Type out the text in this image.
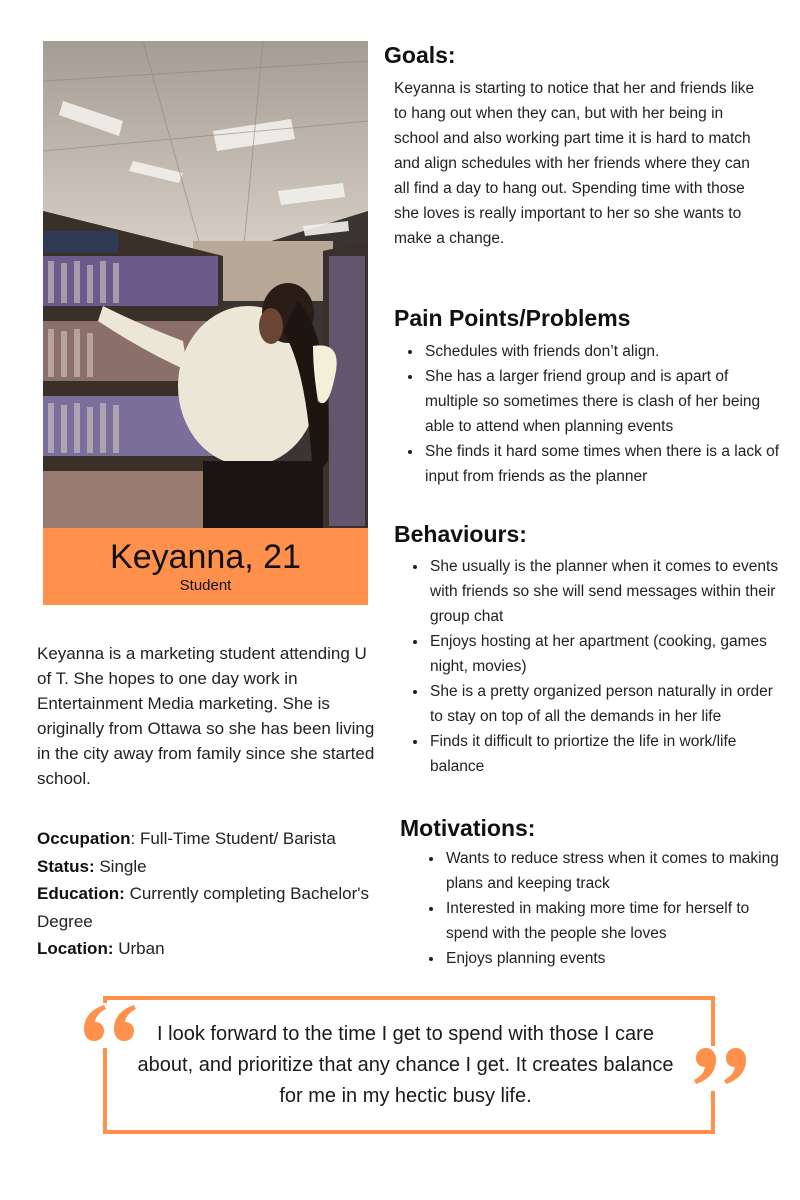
Keyanna, 21
Student
Keyanna is a marketing student attending U of T. She hopes to one day work in Entertainment Media marketing. She is originally from Ottawa so she has been living in the city away from family since she started school.
Occupation: Full-Time Student/ Barista
Status: Single
Education: Currently completing Bachelor's Degree
Location: Urban
Goals:
Keyanna is starting to notice that her and friends like to hang out when they can, but with her being in school and also working part time it is hard to match and align schedules with her friends where they can all find a day to hang out. Spending time with those she loves is really important to her so she wants to make a change.
Pain Points/Problems
• Schedules with friends don’t align.
• She has a larger friend group and is apart of multiple so sometimes there is clash of her being able to attend when planning events
• She finds it hard some times when there is a lack of input from friends as the planner
Behaviours:
• She usually is the planner when it comes to events with friends so she will send messages within their group chat
• Enjoys hosting at her apartment (cooking, games night, movies)
• She is a pretty organized person naturally in order to stay on top of all the demands in her life
• Finds it difficult to priortize the life in work/life balance
Motivations:
• Wants to reduce stress when it comes to making plans and keeping track
• Interested in making more time for herself to spend with the people she loves
• Enjoys planning events
I look forward to the time I get to spend with those I care about, and prioritize that any chance I get. It creates balance for me in my hectic busy life.
